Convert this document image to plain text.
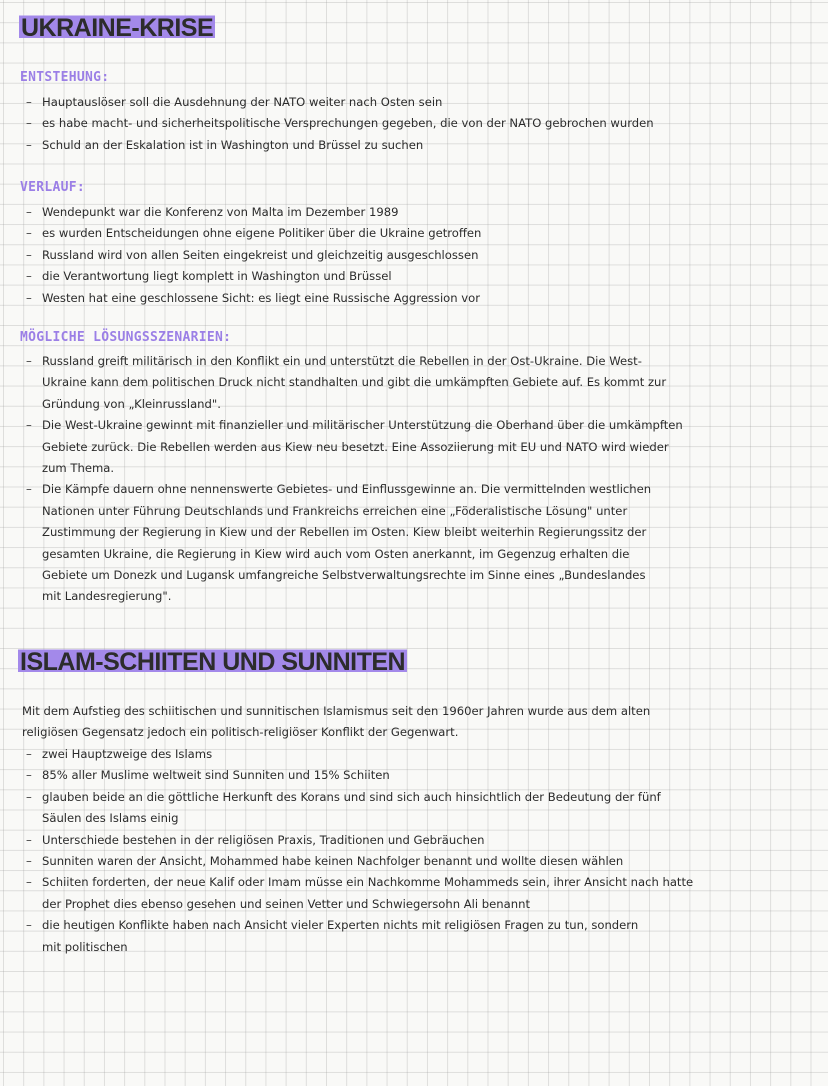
UKRAINE-KRISE
ENTSTEHUNG:
– Hauptauslöser soll die Ausdehnung der NATO weiter nach Osten sein
– es habe macht- und sicherheitspolitische Versprechungen gegeben, die von der NATO gebrochen wurden
– Schuld an der Eskalation ist in Washington und Brüssel zu suchen
VERLAUF:
– Wendepunkt war die Konferenz von Malta im Dezember 1989
– es wurden Entscheidungen ohne eigene Politiker über die Ukraine getroffen
– Russland wird von allen Seiten eingekreist und gleichzeitig ausgeschlossen
– die Verantwortung liegt komplett in Washington und Brüssel
– Westen hat eine geschlossene Sicht: es liegt eine Russische Aggression vor
MÖGLICHE LÖSUNGSSZENARIEN:
– Russland greift militärisch in den Konflikt ein und unterstützt die Rebellen in der Ost-Ukraine. Die West-
Ukraine kann dem politischen Druck nicht standhalten und gibt die umkämpften Gebiete auf. Es kommt zur
Gründung von „Kleinrussland".
– Die West-Ukraine gewinnt mit finanzieller und militärischer Unterstützung die Oberhand über die umkämpften
Gebiete zurück. Die Rebellen werden aus Kiew neu besetzt. Eine Assoziierung mit EU und NATO wird wieder
zum Thema.
– Die Kämpfe dauern ohne nennenswerte Gebietes- und Einflussgewinne an. Die vermittelnden westlichen
Nationen unter Führung Deutschlands und Frankreichs erreichen eine „Föderalistische Lösung" unter
Zustimmung der Regierung in Kiew und der Rebellen im Osten. Kiew bleibt weiterhin Regierungssitz der
gesamten Ukraine, die Regierung in Kiew wird auch vom Osten anerkannt, im Gegenzug erhalten die
Gebiete um Donezk und Lugansk umfangreiche Selbstverwaltungsrechte im Sinne eines „Bundeslandes
mit Landesregierung".
ISLAM-SCHIITEN UND SUNNITEN

Mit dem Aufstieg des schiitischen und sunnitischen Islamismus seit den 1960er Jahren wurde aus dem alten
religiösen Gegensatz jedoch ein politisch-religiöser Konflikt der Gegenwart.

– zwei Hauptzweige des Islams
– 85% aller Muslime weltweit sind Sunniten und 15% Schiiten
– glauben beide an die göttliche Herkunft des Korans und sind sich auch hinsichtlich der Bedeutung der fünf
Säulen des Islams einig
– Unterschiede bestehen in der religiösen Praxis, Traditionen und Gebräuchen
– Sunniten waren der Ansicht, Mohammed habe keinen Nachfolger benannt und wollte diesen wählen
– Schiiten forderten, der neue Kalif oder Imam müsse ein Nachkomme Mohammeds sein, ihrer Ansicht nach hatte
der Prophet dies ebenso gesehen und seinen Vetter und Schwiegersohn Ali benannt
– die heutigen Konflikte haben nach Ansicht vieler Experten nichts mit religiösen Fragen zu tun, sondern
mit politischen
